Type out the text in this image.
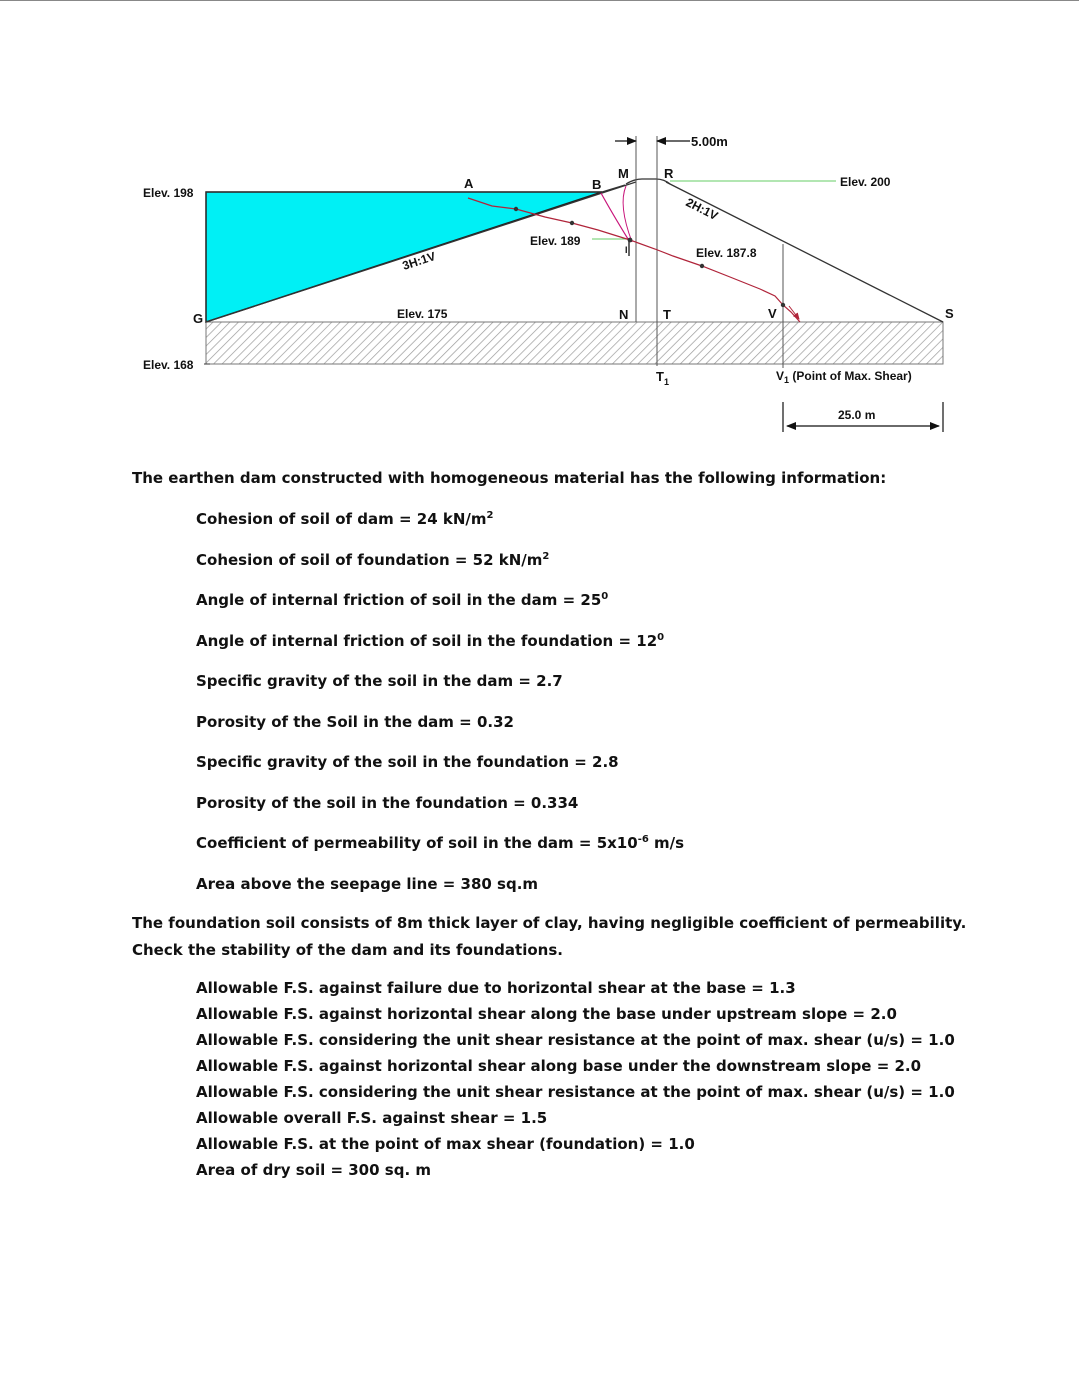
5.00m
25.0 m
Elev. 198
Elev. 168
Elev. 200
Elev. 189
Elev. 187.8
Elev. 175
3H:1V
2H:1V
A	B
M	R
G	N	T	V	S
I
$T_1$	$V_1$ (Point of Max. Shear)
The earthen dam constructed with homogeneous material has the following information:
Cohesion of soil of dam = 24 $kN/m^2$
Cohesion of soil of foundation = 52 $kN/m^2$
Angle of internal friction of soil in the dam = $25^0$
Angle of internal friction of soil in the foundation = $12^0$
Specific gravity of the soil in the dam = 2.7
Porosity of the Soil in the dam = 0.32
Specific gravity of the soil in the foundation = 2.8
Porosity of the soil in the foundation = 0.334
Coefficient of permeability of soil in the dam = $5x10^{-6}$ m/s
Area above the seepage line = 380 sq.m
The foundation soil consists of 8m thick layer of clay, having negligible coefficient of permeability. Check the stability of the dam and its foundations.
Allowable F.S. against failure due to horizontal shear at the base = 1.3
Allowable F.S. against horizontal shear along the base under upstream slope = 2.0
Allowable F.S. considering the unit shear resistance at the point of max. shear (u/s) = 1.0
Allowable F.S. against horizontal shear along base under the downstream slope = 2.0
Allowable F.S. considering the unit shear resistance at the point of max. shear (u/s) = 1.0
Allowable overall F.S. against shear = 1.5
Allowable F.S. at the point of max shear (foundation) = 1.0
Area of dry soil = 300 sq. m
